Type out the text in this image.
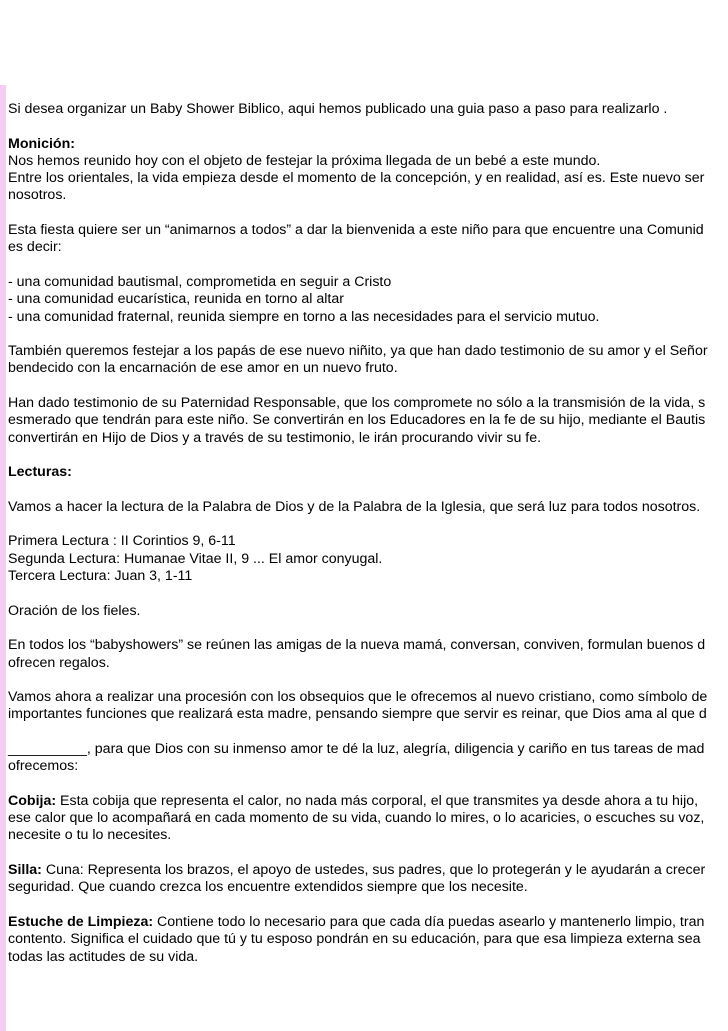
Si desea organizar un Baby Shower Biblico, aqui hemos publicado una guia paso a paso para realizarlo .
Monición:
Nos hemos reunido hoy con el objeto de festejar la próxima llegada de un bebé a este mundo.
Entre los orientales, la vida empieza desde el momento de la concepción, y en realidad, así es. Este nuevo ser
nosotros.
Esta fiesta quiere ser un “animarnos a todos” a dar la bienvenida a este niño para que encuentre una Comunid
es decir:
- una comunidad bautismal, comprometida en seguir a Cristo
- una comunidad eucarística, reunida en torno al altar
- una comunidad fraternal, reunida siempre en torno a las necesidades para el servicio mutuo.
También queremos festejar a los papás de ese nuevo niñito, ya que han dado testimonio de su amor y el Señor
bendecido con la encarnación de ese amor en un nuevo fruto.
Han dado testimonio de su Paternidad Responsable, que los compromete no sólo a la transmisión de la vida, s
esmerado que tendrán para este niño. Se convertirán en los Educadores en la fe de su hijo, mediante el Bautis
convertirán en Hijo de Dios y a través de su testimonio, le irán procurando vivir su fe.
Lecturas:
Vamos a hacer la lectura de la Palabra de Dios y de la Palabra de la Iglesia, que será luz para todos nosotros.
Primera Lectura : II Corintios 9, 6-11
Segunda Lectura: Humanae Vitae II, 9 ... El amor conyugal.
Tercera Lectura: Juan 3, 1-11
Oración de los fieles.
En todos los “babyshowers” se reúnen las amigas de la nueva mamá, conversan, conviven, formulan buenos d
ofrecen regalos.
Vamos ahora a realizar una procesión con los obsequios que le ofrecemos al nuevo cristiano, como símbolo de
importantes funciones que realizará esta madre, pensando siempre que servir es reinar, que Dios ama al que d
__________, para que Dios con su inmenso amor te dé la luz, alegría, diligencia y cariño en tus tareas de mad
ofrecemos:
Cobija: Esta cobija que representa el calor, no nada más corporal, el que transmites ya desde ahora a tu hijo,
ese calor que lo acompañará en cada momento de su vida, cuando lo mires, o lo acaricies, o escuches su voz,
necesite o tu lo necesites.
Silla: Cuna: Representa los brazos, el apoyo de ustedes, sus padres, que lo protegerán y le ayudarán a crecer
seguridad. Que cuando crezca los encuentre extendidos siempre que los necesite.
Estuche de Limpieza: Contiene todo lo necesario para que cada día puedas asearlo y mantenerlo limpio, tran
contento. Significa el cuidado que tú y tu esposo pondrán en su educación, para que esa limpieza externa sea
todas las actitudes de su vida.
